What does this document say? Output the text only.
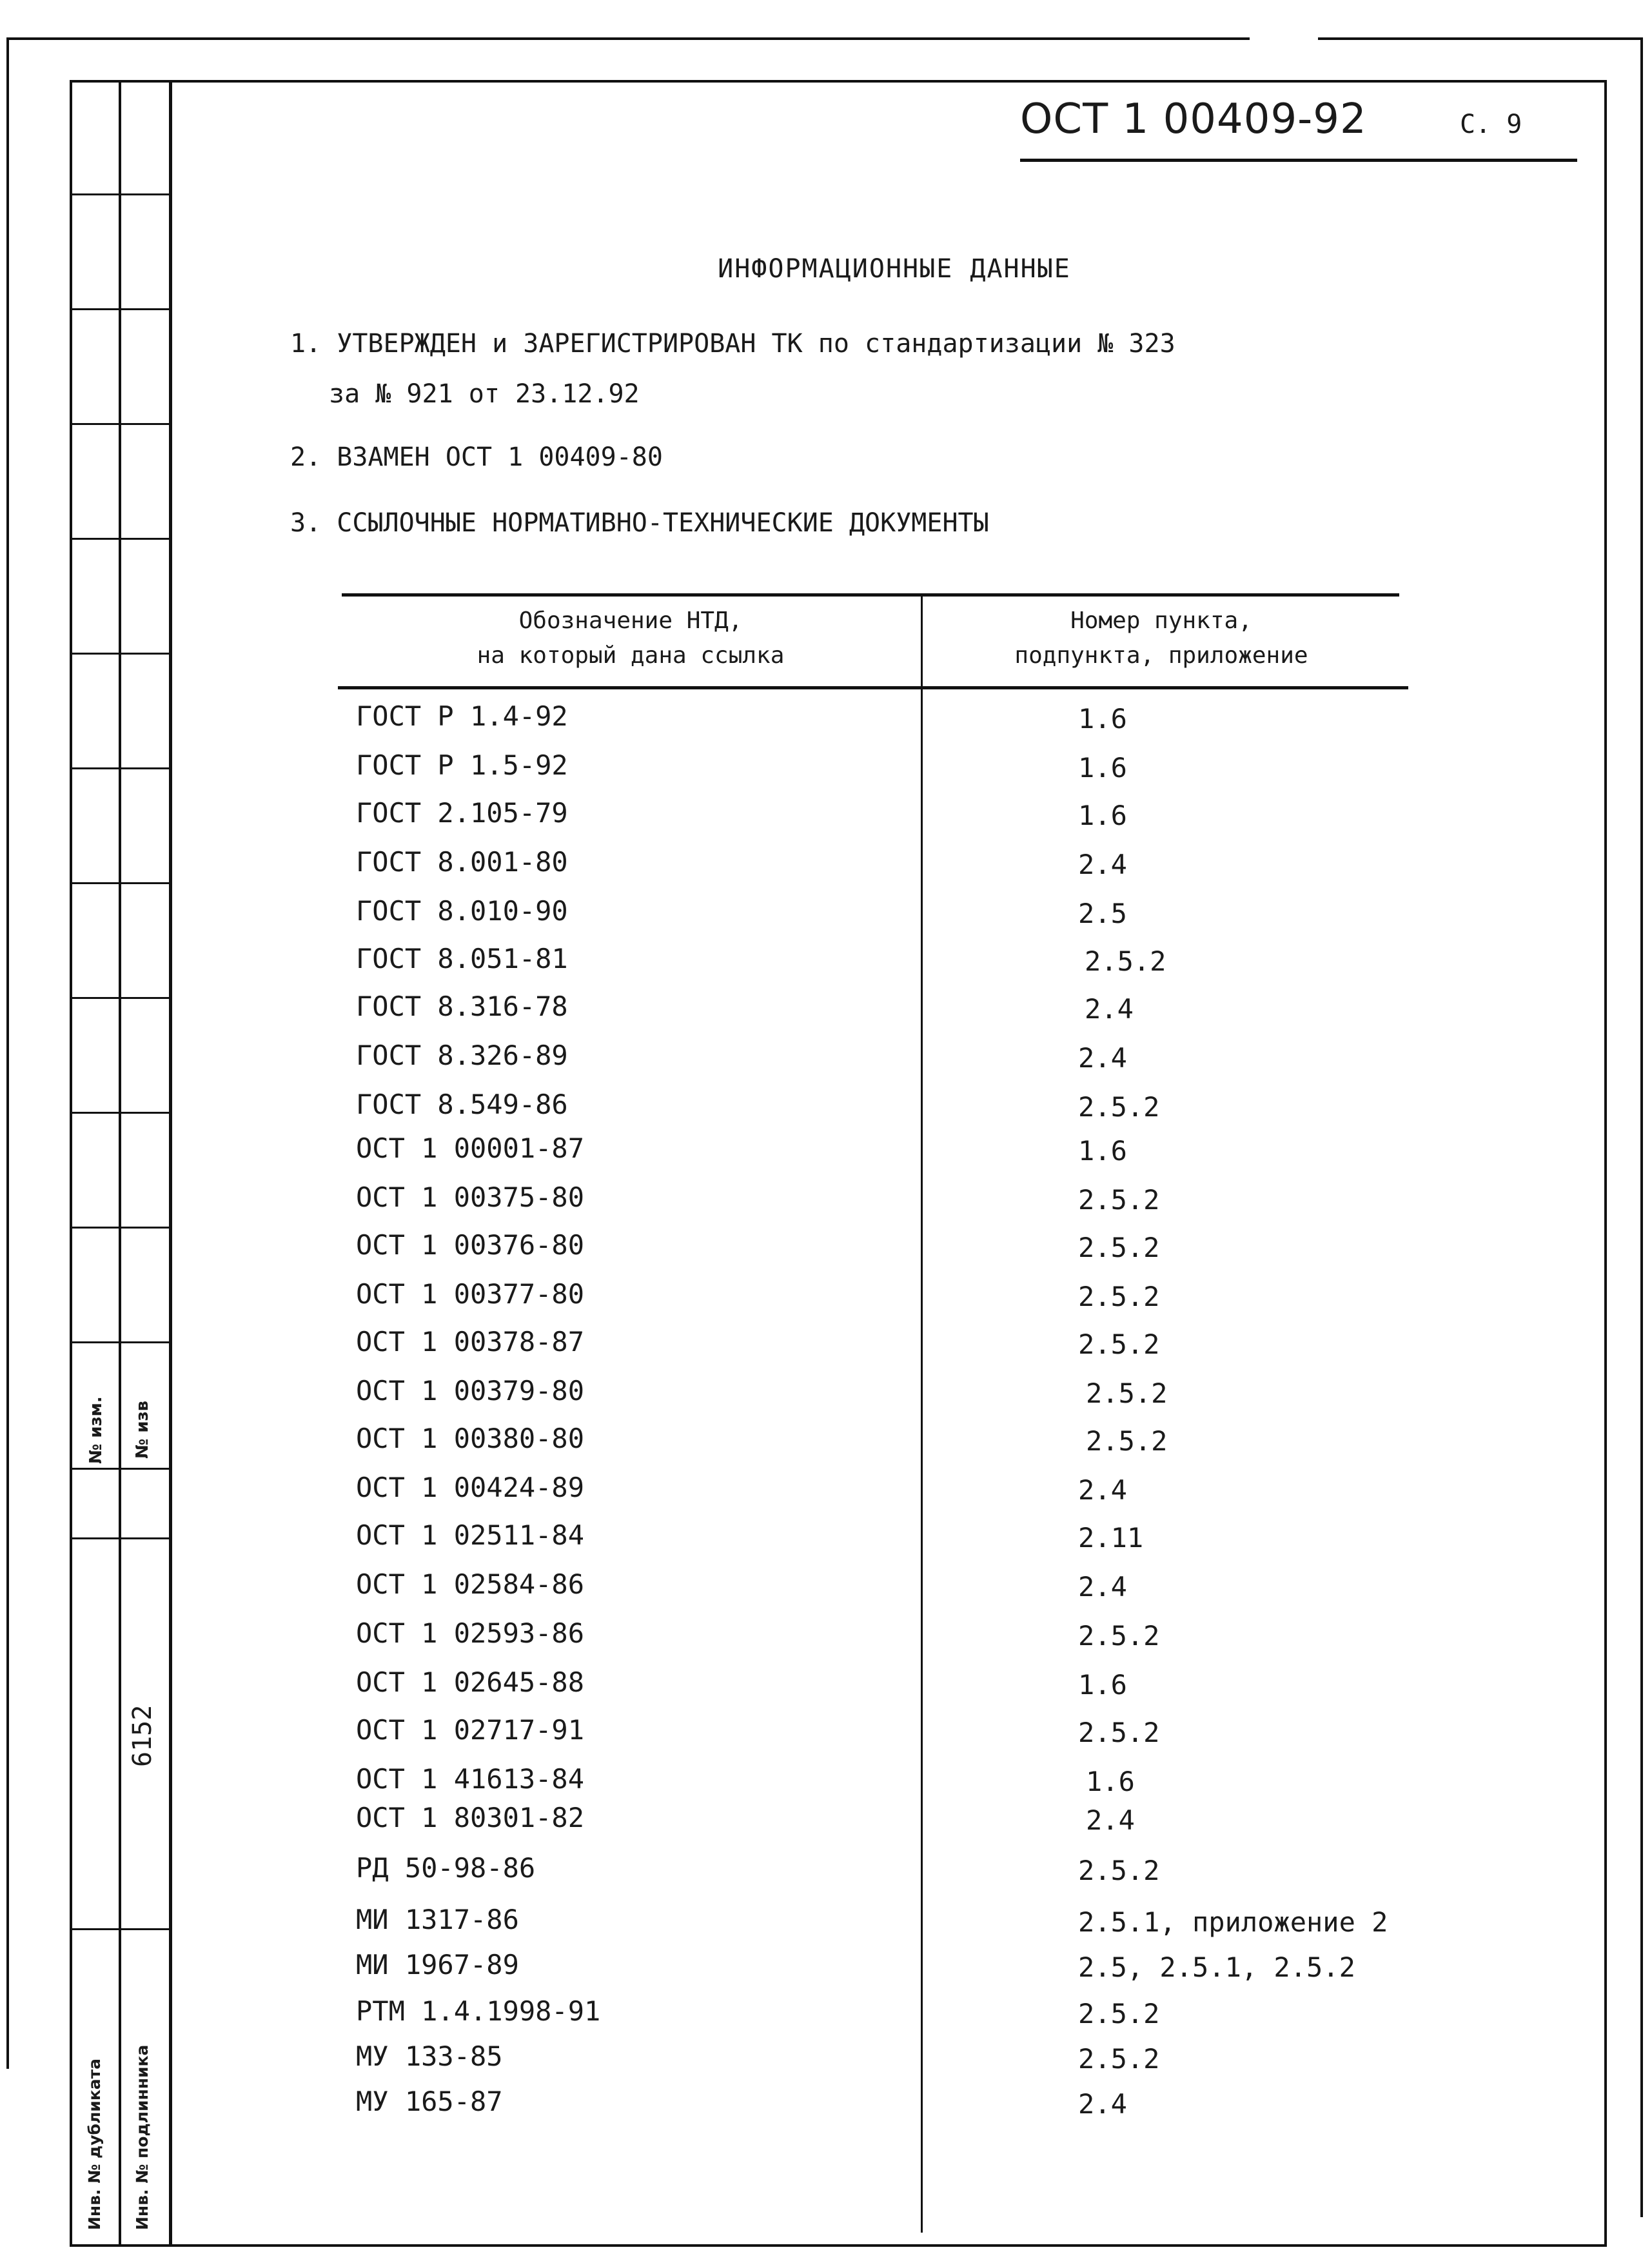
№ изм. № изв
6152
Инв. № дубликата Инв. № подлинника
ОСТ 1 00409-92	С. 9
ИНФОРМАЦИОННЫЕ ДАННЫЕ
1. УТВЕРЖДЕН и ЗАРЕГИСТРИРОВАН ТК по стандартизации № 323
за № 921 от 23.12.92
2. ВЗАМЕН ОСТ 1 00409-80
3. ССЫЛОЧНЫЕ НОРМАТИВНО-ТЕХНИЧЕСКИЕ ДОКУМЕНТЫ
Обозначение НТД,
на который дана ссылка
Номер пункта,
подпункта, приложение
ГОСТ Р 1.4-92	1.6
ГОСТ Р 1.5-92	1.6
ГОСТ 2.105-79	1.6
ГОСТ 8.001-80	2.4
ГОСТ 8.010-90	2.5
ГОСТ 8.051-81	2.5.2
ГОСТ 8.316-78	2.4
ГОСТ 8.326-89	2.4
ГОСТ 8.549-86	2.5.2
ОСТ 1 00001-87	1.6
ОСТ 1 00375-80	2.5.2
ОСТ 1 00376-80	2.5.2
ОСТ 1 00377-80	2.5.2
ОСТ 1 00378-87	2.5.2
ОСТ 1 00379-80	2.5.2
ОСТ 1 00380-80	2.5.2
ОСТ 1 00424-89	2.4
ОСТ 1 02511-84	2.11
ОСТ 1 02584-86	2.4
ОСТ 1 02593-86	2.5.2
ОСТ 1 02645-88	1.6
ОСТ 1 02717-91	2.5.2
ОСТ 1 41613-84	1.6
ОСТ 1 80301-82	2.4
РД 50-98-86	2.5.2
МИ 1317-86	2.5.1, приложение 2
МИ 1967-89	2.5, 2.5.1, 2.5.2
РТМ 1.4.1998-91	2.5.2
МУ 133-85	2.5.2
МУ 165-87	2.4
